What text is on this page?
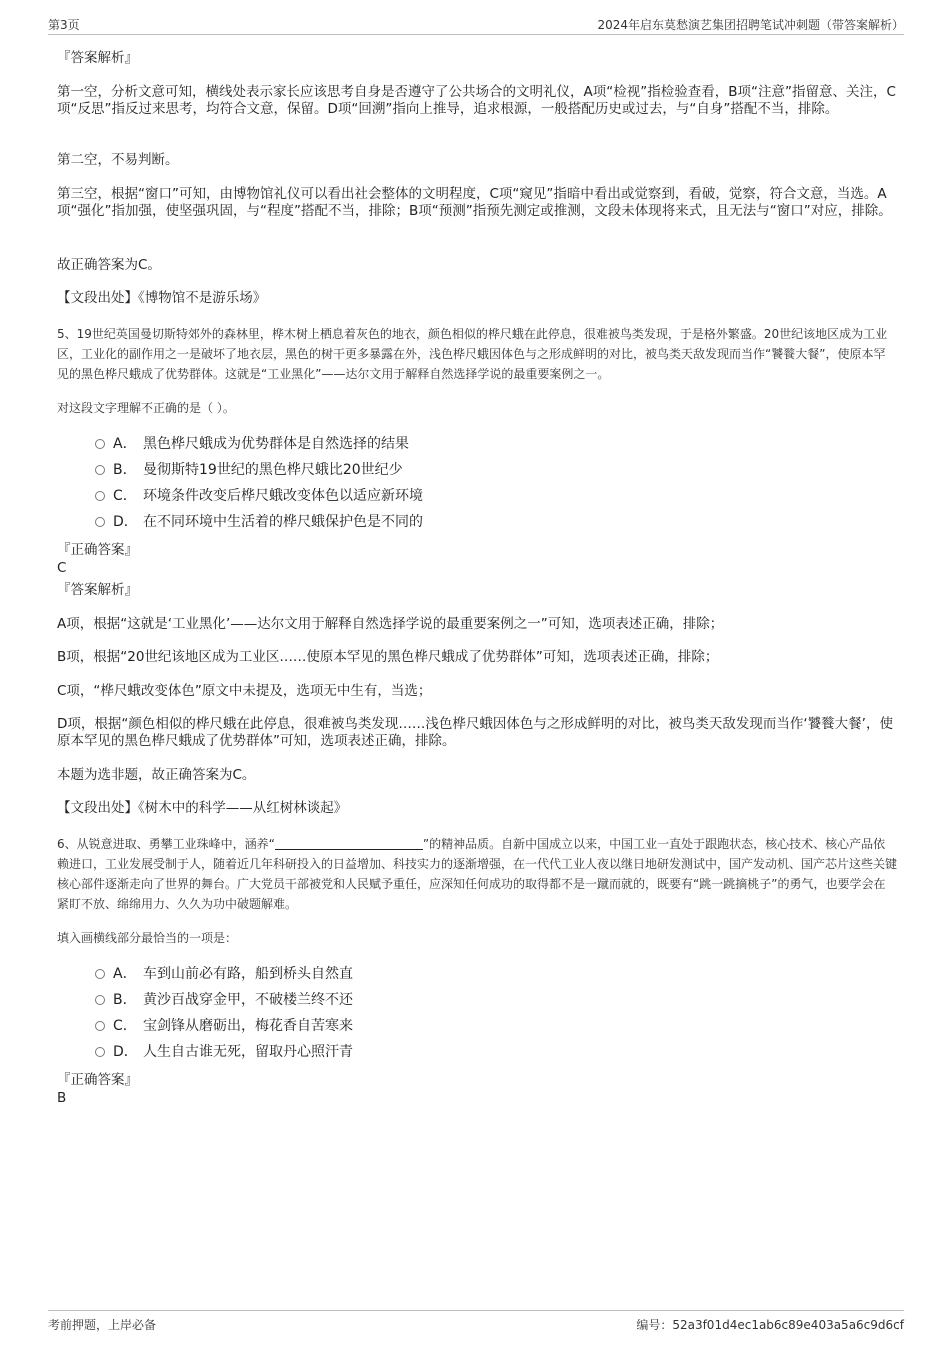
第3页	2024年启东莫愁演艺集团招聘笔试冲刺题（带答案解析）
『答案解析』
第一空，分析文意可知，横线处表示家长应该思考自身是否遵守了公共场合的文明礼仪，A项“检视”指检验查看，B项“注意”指留意、关注，C项“反思”指反过来思考，均符合文意，保留。D项“回溯”指向上推导，追求根源，一般搭配历史或过去，与“自身”搭配不当，排除。
第二空，不易判断。
第三空，根据“窗口”可知，由博物馆礼仪可以看出社会整体的文明程度，C项“窥见”指暗中看出或觉察到，看破，觉察，符合文意，当选。A项“强化”指加强，使坚强巩固，与“程度”搭配不当，排除；B项“预测”指预先测定或推测，文段未体现将来式，且无法与“窗口”对应，排除。
故正确答案为C。
【文段出处】《博物馆不是游乐场》
5、19世纪英国曼切斯特郊外的森林里，桦木树上栖息着灰色的地衣，颜色相似的桦尺蛾在此停息，很难被鸟类发现，于是格外繁盛。20世纪该地区成为工业区，工业化的副作用之一是破坏了地衣层，黑色的树干更多暴露在外，浅色桦尺蛾因体色与之形成鲜明的对比，被鸟类天敌发现而当作“饕餮大餐”，使原本罕见的黑色桦尺蛾成了优势群体。这就是“工业黑化”——达尔文用于解释自然选择学说的最重要案例之一。
对这段文字理解不正确的是（ ）。
A． 黑色桦尺蛾成为优势群体是自然选择的结果
B． 曼彻斯特19世纪的黑色桦尺蛾比20世纪少
C． 环境条件改变后桦尺蛾改变体色以适应新环境
D． 在不同环境中生活着的桦尺蛾保护色是不同的
『正确答案』
C
『答案解析』
A项，根据“这就是‘工业黑化’——达尔文用于解释自然选择学说的最重要案例之一”可知，选项表述正确，排除；
B项，根据“20世纪该地区成为工业区……使原本罕见的黑色桦尺蛾成了优势群体”可知，选项表述正确，排除；
C项，“桦尺蛾改变体色”原文中未提及，选项无中生有，当选；
D项，根据“颜色相似的桦尺蛾在此停息，很难被鸟类发现……浅色桦尺蛾因体色与之形成鲜明的对比，被鸟类天敌发现而当作‘饕餮大餐’，使原本罕见的黑色桦尺蛾成了优势群体”可知，选项表述正确，排除。
本题为选非题，故正确答案为C。
【文段出处】《树木中的科学——从红树林谈起》
6、从锐意进取、勇攀工业珠峰中，涵养“	”的精神品质。自新中国成立以来，中国工业一直处于跟跑状态，核心技术、核心产品依赖进口，工业发展受制于人，随着近几年科研投入的日益增加、科技实力的逐渐增强，在一代代工业人夜以继日地研发测试中，国产发动机、国产芯片这些关键核心部件逐渐走向了世界的舞台。广大党员干部被党和人民赋予重任，应深知任何成功的取得都不是一蹴而就的，既要有“跳一跳摘桃子”的勇气，也要学会在紧盯不放、绵绵用力、久久为功中破题解难。
填入画横线部分最恰当的一项是：
A． 车到山前必有路，船到桥头自然直
B． 黄沙百战穿金甲，不破楼兰终不还
C． 宝剑锋从磨砺出，梅花香自苦寒来
D． 人生自古谁无死，留取丹心照汗青
『正确答案』
B
考前押题，上岸必备	编号：52a3f01d4ec1ab6c89e403a5a6c9d6cf
